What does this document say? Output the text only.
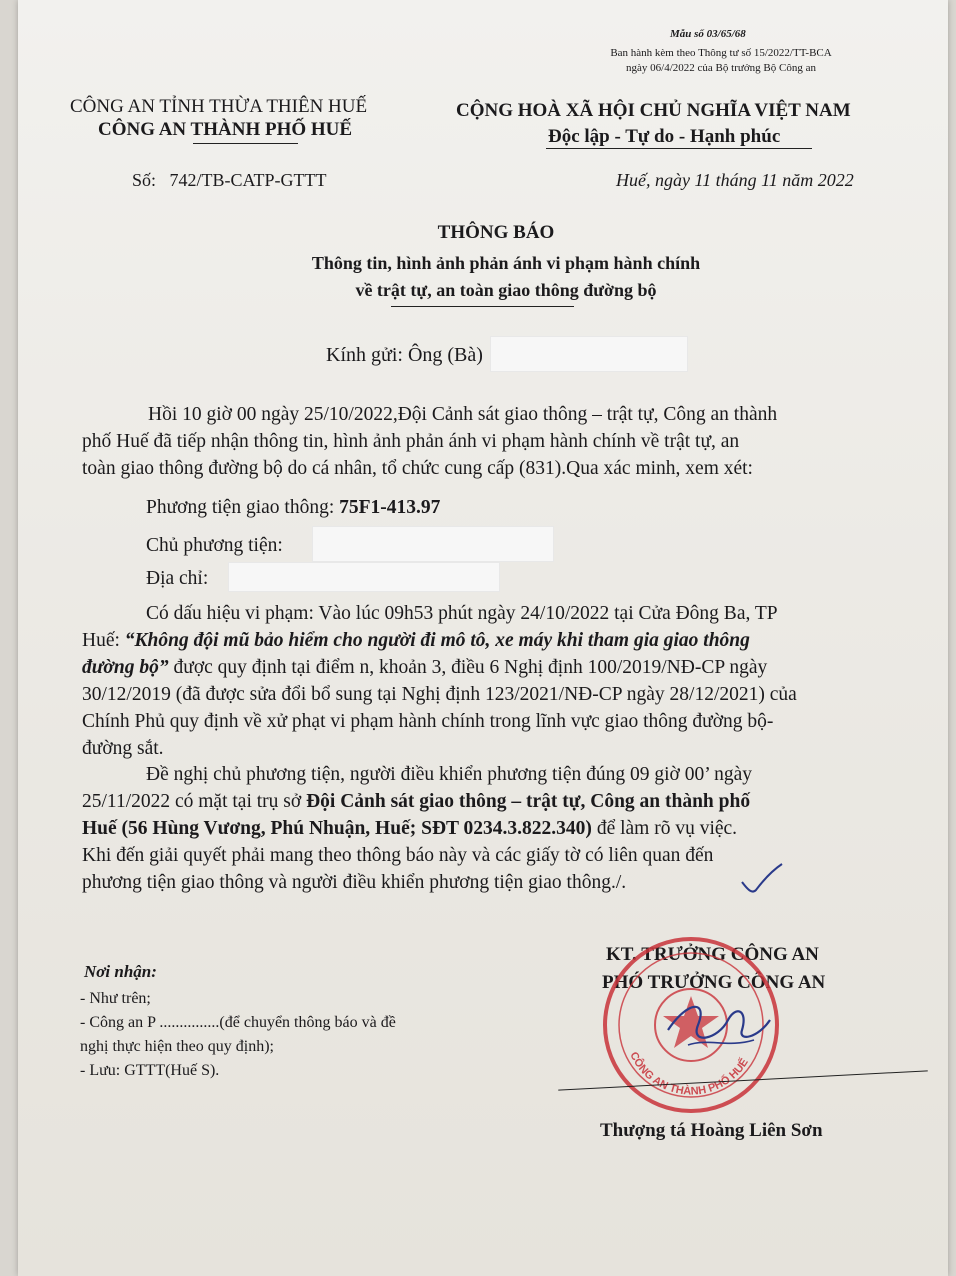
Mẫu số 03/65/68
Ban hành kèm theo Thông tư số 15/2022/TT-BCA
ngày 06/4/2022 của Bộ trưởng Bộ Công an
CÔNG AN TỈNH THỪA THIÊN HUẾ
CÔNG AN THÀNH PHỐ HUẾ
CỘNG HOÀ XÃ HỘI CHỦ NGHĨA VIỆT NAM
Độc lập - Tự do - Hạnh phúc
Số:   742/TB-CATP-GTTT	Huế, ngày 11 tháng 11 năm 2022
THÔNG BÁO
Thông tin, hình ảnh phản ánh vi phạm hành chính
về trật tự, an toàn giao thông đường bộ
Kính gửi: Ông (Bà)
Hồi 10 giờ 00 ngày 25/10/2022,Đội Cảnh sát giao thông – trật tự, Công an thành
phố Huế đã tiếp nhận thông tin, hình ảnh phản ánh vi phạm hành chính về trật tự, an
toàn giao thông đường bộ do cá nhân, tổ chức cung cấp (831).Qua xác minh, xem xét:
Phương tiện giao thông: 75F1-413.97
Chủ phương tiện:
Địa chỉ:
Có dấu hiệu vi phạm: Vào lúc 09h53 phút ngày 24/10/2022 tại Cửa Đông Ba, TP
Huế: “Không đội mũ bảo hiểm cho người đi mô tô, xe máy khi tham gia giao thông
đường bộ” được quy định tại điểm n, khoản 3, điều 6 Nghị định 100/2019/NĐ-CP ngày
30/12/2019 (đã được sửa đổi bổ sung tại Nghị định 123/2021/NĐ-CP ngày 28/12/2021) của
Chính Phủ quy định về xử phạt vi phạm hành chính trong lĩnh vực giao thông đường bộ-
đường sắt.
Đề nghị chủ phương tiện, người điều khiển phương tiện đúng 09 giờ 00’ ngày
25/11/2022 có mặt tại trụ sở Đội Cảnh sát giao thông – trật tự, Công an thành phố
Huế (56 Hùng Vương, Phú Nhuận, Huế; SĐT 0234.3.822.340) để làm rõ vụ việc.
Khi đến giải quyết phải mang theo thông báo này và các giấy tờ có liên quan đến
phương tiện giao thông và người điều khiển phương tiện giao thông./.
Nơi nhận:
- Như trên;
- Công an P ...............(để chuyển thông báo và đề
nghị thực hiện theo quy định);
- Lưu: GTTT(Huế S).
KT. TRƯỞNG CÔNG AN
PHÓ TRƯỞNG CÔNG AN
CÔNG AN THÀNH PHỐ HUẾ
Thượng tá Hoàng Liên Sơn
